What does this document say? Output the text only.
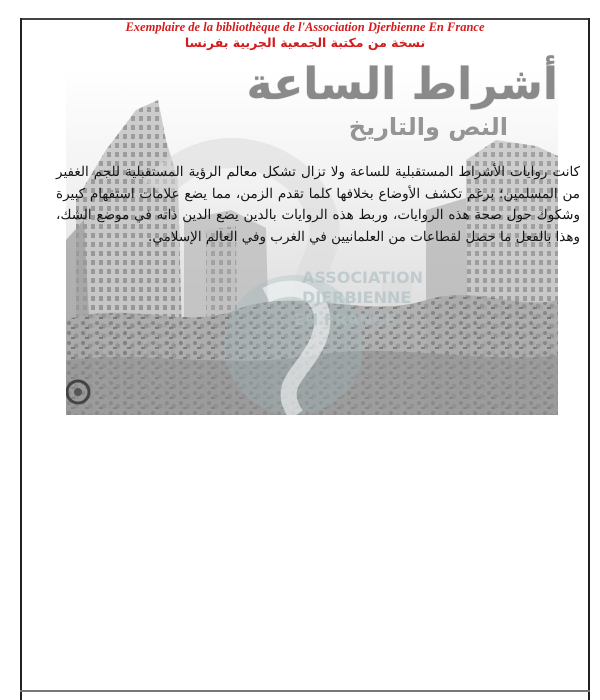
Exemplaire de la bibliothèque de l'Association Djerbienne En France
نسخة من مكتبة الجمعية الجربية بفرنسا
أشراط الساعة
النص والتاريخ
كانت روايات الأشراط المستقبلية للساعة ولا تزال تشكل معالم الرؤية المستقبلية للجم الغفير من المسلمين؛ برغم تكشف الأوضاع بخلافها كلما تقدم الزمن، مما يضع علامات استفهام كبيرة وشكوك حول صحة هذه الروايات، وربط هذه الروايات بالدين يضع الدين ذاته في موضع الشك، وهذا بالفعل ما حصل لقطاعات من العلمانيين في الغرب وفي العالم الإسلامي.
ASSOCIATION
DJERBIENNE
EN FRANCE
